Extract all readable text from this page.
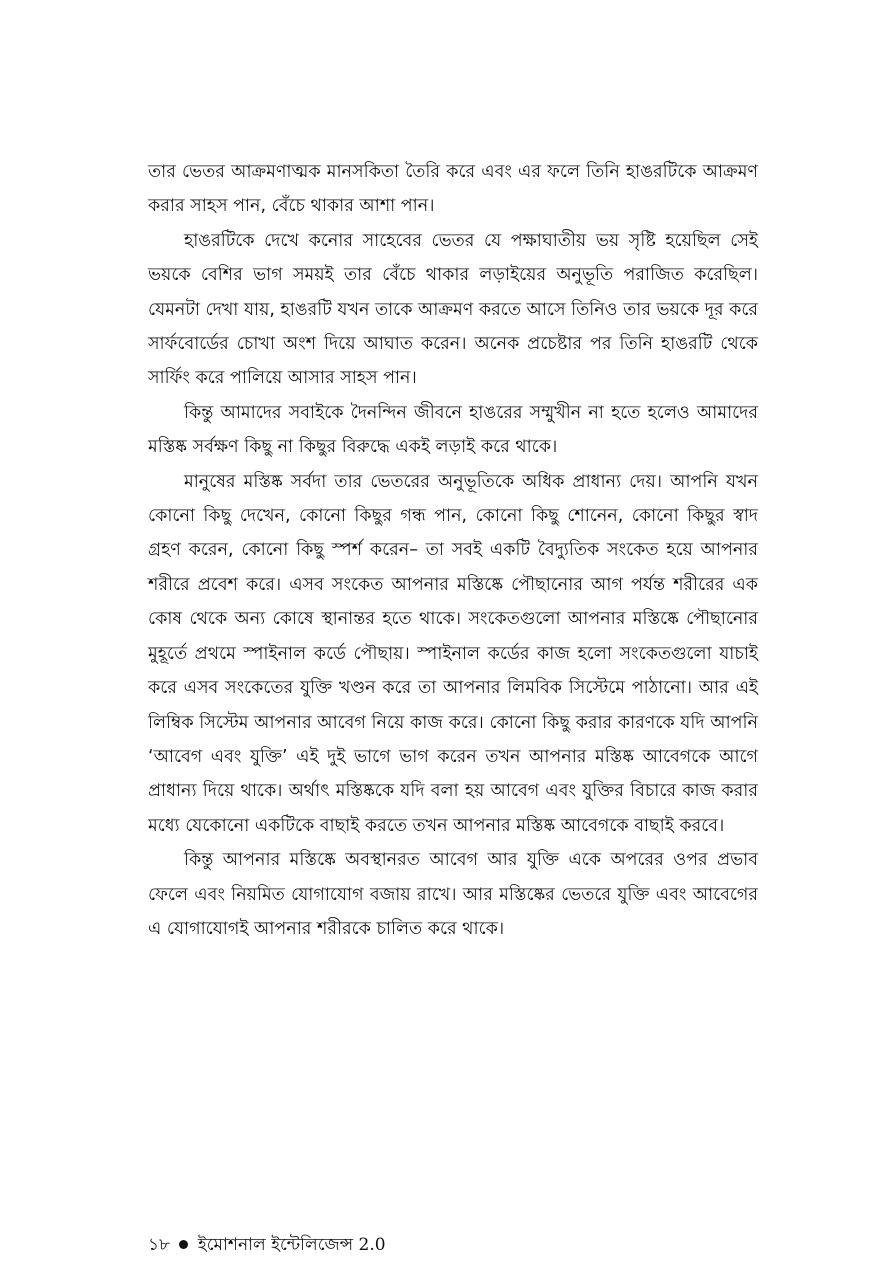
তার ভেতর আক্রমণাত্মক মানসকিতা তৈরি করে এবং এর ফলে তিনি হাঙরটিকে আক্রমণ করার সাহস পান, বেঁচে থাকার আশা পান।

হাঙরটিকে দেখে কনোর সাহেবের ভেতর যে পক্ষাঘাতীয় ভয় সৃষ্টি হয়েছিল সেই ভয়কে বেশির ভাগ সময়ই তার বেঁচে থাকার লড়াইয়ের অনুভূতি পরাজিত করেছিল। যেমনটা দেখা যায়, হাঙরটি যখন তাকে আক্রমণ করতে আসে তিনিও তার ভয়কে দূর করে সার্ফবোর্ডের চোখা অংশ দিয়ে আঘাত করেন। অনেক প্রচেষ্টার পর তিনি হাঙরটি থেকে সার্ফিং করে পালিয়ে আসার সাহস পান।

কিন্তু আমাদের সবাইকে দৈনন্দিন জীবনে হাঙরের সম্মুখীন না হতে হলেও আমাদের মস্তিষ্ক সর্বক্ষণ কিছু না কিছুর বিরুদ্ধে একই লড়াই করে থাকে।

মানুষের মস্তিষ্ক সর্বদা তার ভেতরের অনুভূতিকে অধিক প্রাধান্য দেয়। আপনি যখন কোনো কিছু দেখেন, কোনো কিছুর গন্ধ পান, কোনো কিছু শোনেন, কোনো কিছুর স্বাদ গ্রহণ করেন, কোনো কিছু স্পর্শ করেন– তা সবই একটি বৈদ্যুতিক সংকেত হয়ে আপনার শরীরে প্রবেশ করে। এসব সংকেত আপনার মস্তিষ্কে পৌছানোর আগ পর্যন্ত শরীরের এক কোষ থেকে অন্য কোষে স্থানান্তর হতে থাকে। সংকেতগুলো আপনার মস্তিষ্কে পৌছানোর মুহূর্তে প্রথমে স্পাইনাল কর্ডে পৌছায়। স্পাইনাল কর্ডের কাজ হলো সংকেতগুলো যাচাই করে এসব সংকেতের যুক্তি খণ্ডন করে তা আপনার লিমবিক সিস্টেমে পাঠানো। আর এই লিম্বিক সিস্টেম আপনার আবেগ নিয়ে কাজ করে। কোনো কিছু করার কারণকে যদি আপনি ‘আবেগ এবং যুক্তি’ এই দুই ভাগে ভাগ করেন তখন আপনার মস্তিষ্ক আবেগকে আগে প্রাধান্য দিয়ে থাকে। অর্থাৎ মস্তিষ্ককে যদি বলা হয় আবেগ এবং যুক্তির বিচারে কাজ করার মধ্যে যেকোনো একটিকে বাছাই করতে তখন আপনার মস্তিষ্ক আবেগকে বাছাই করবে।

কিন্তু আপনার মস্তিষ্কে অবস্থানরত আবেগ আর যুক্তি একে অপরের ওপর প্রভাব ফেলে এবং নিয়মিত যোগাযোগ বজায় রাখে। আর মস্তিষ্কের ভেতরে যুক্তি এবং আবেগের এ যোগাযোগই আপনার শরীরকে চালিত করে থাকে।

১৮ ইমোশনাল ইন্টেলিজেন্স 2.0
